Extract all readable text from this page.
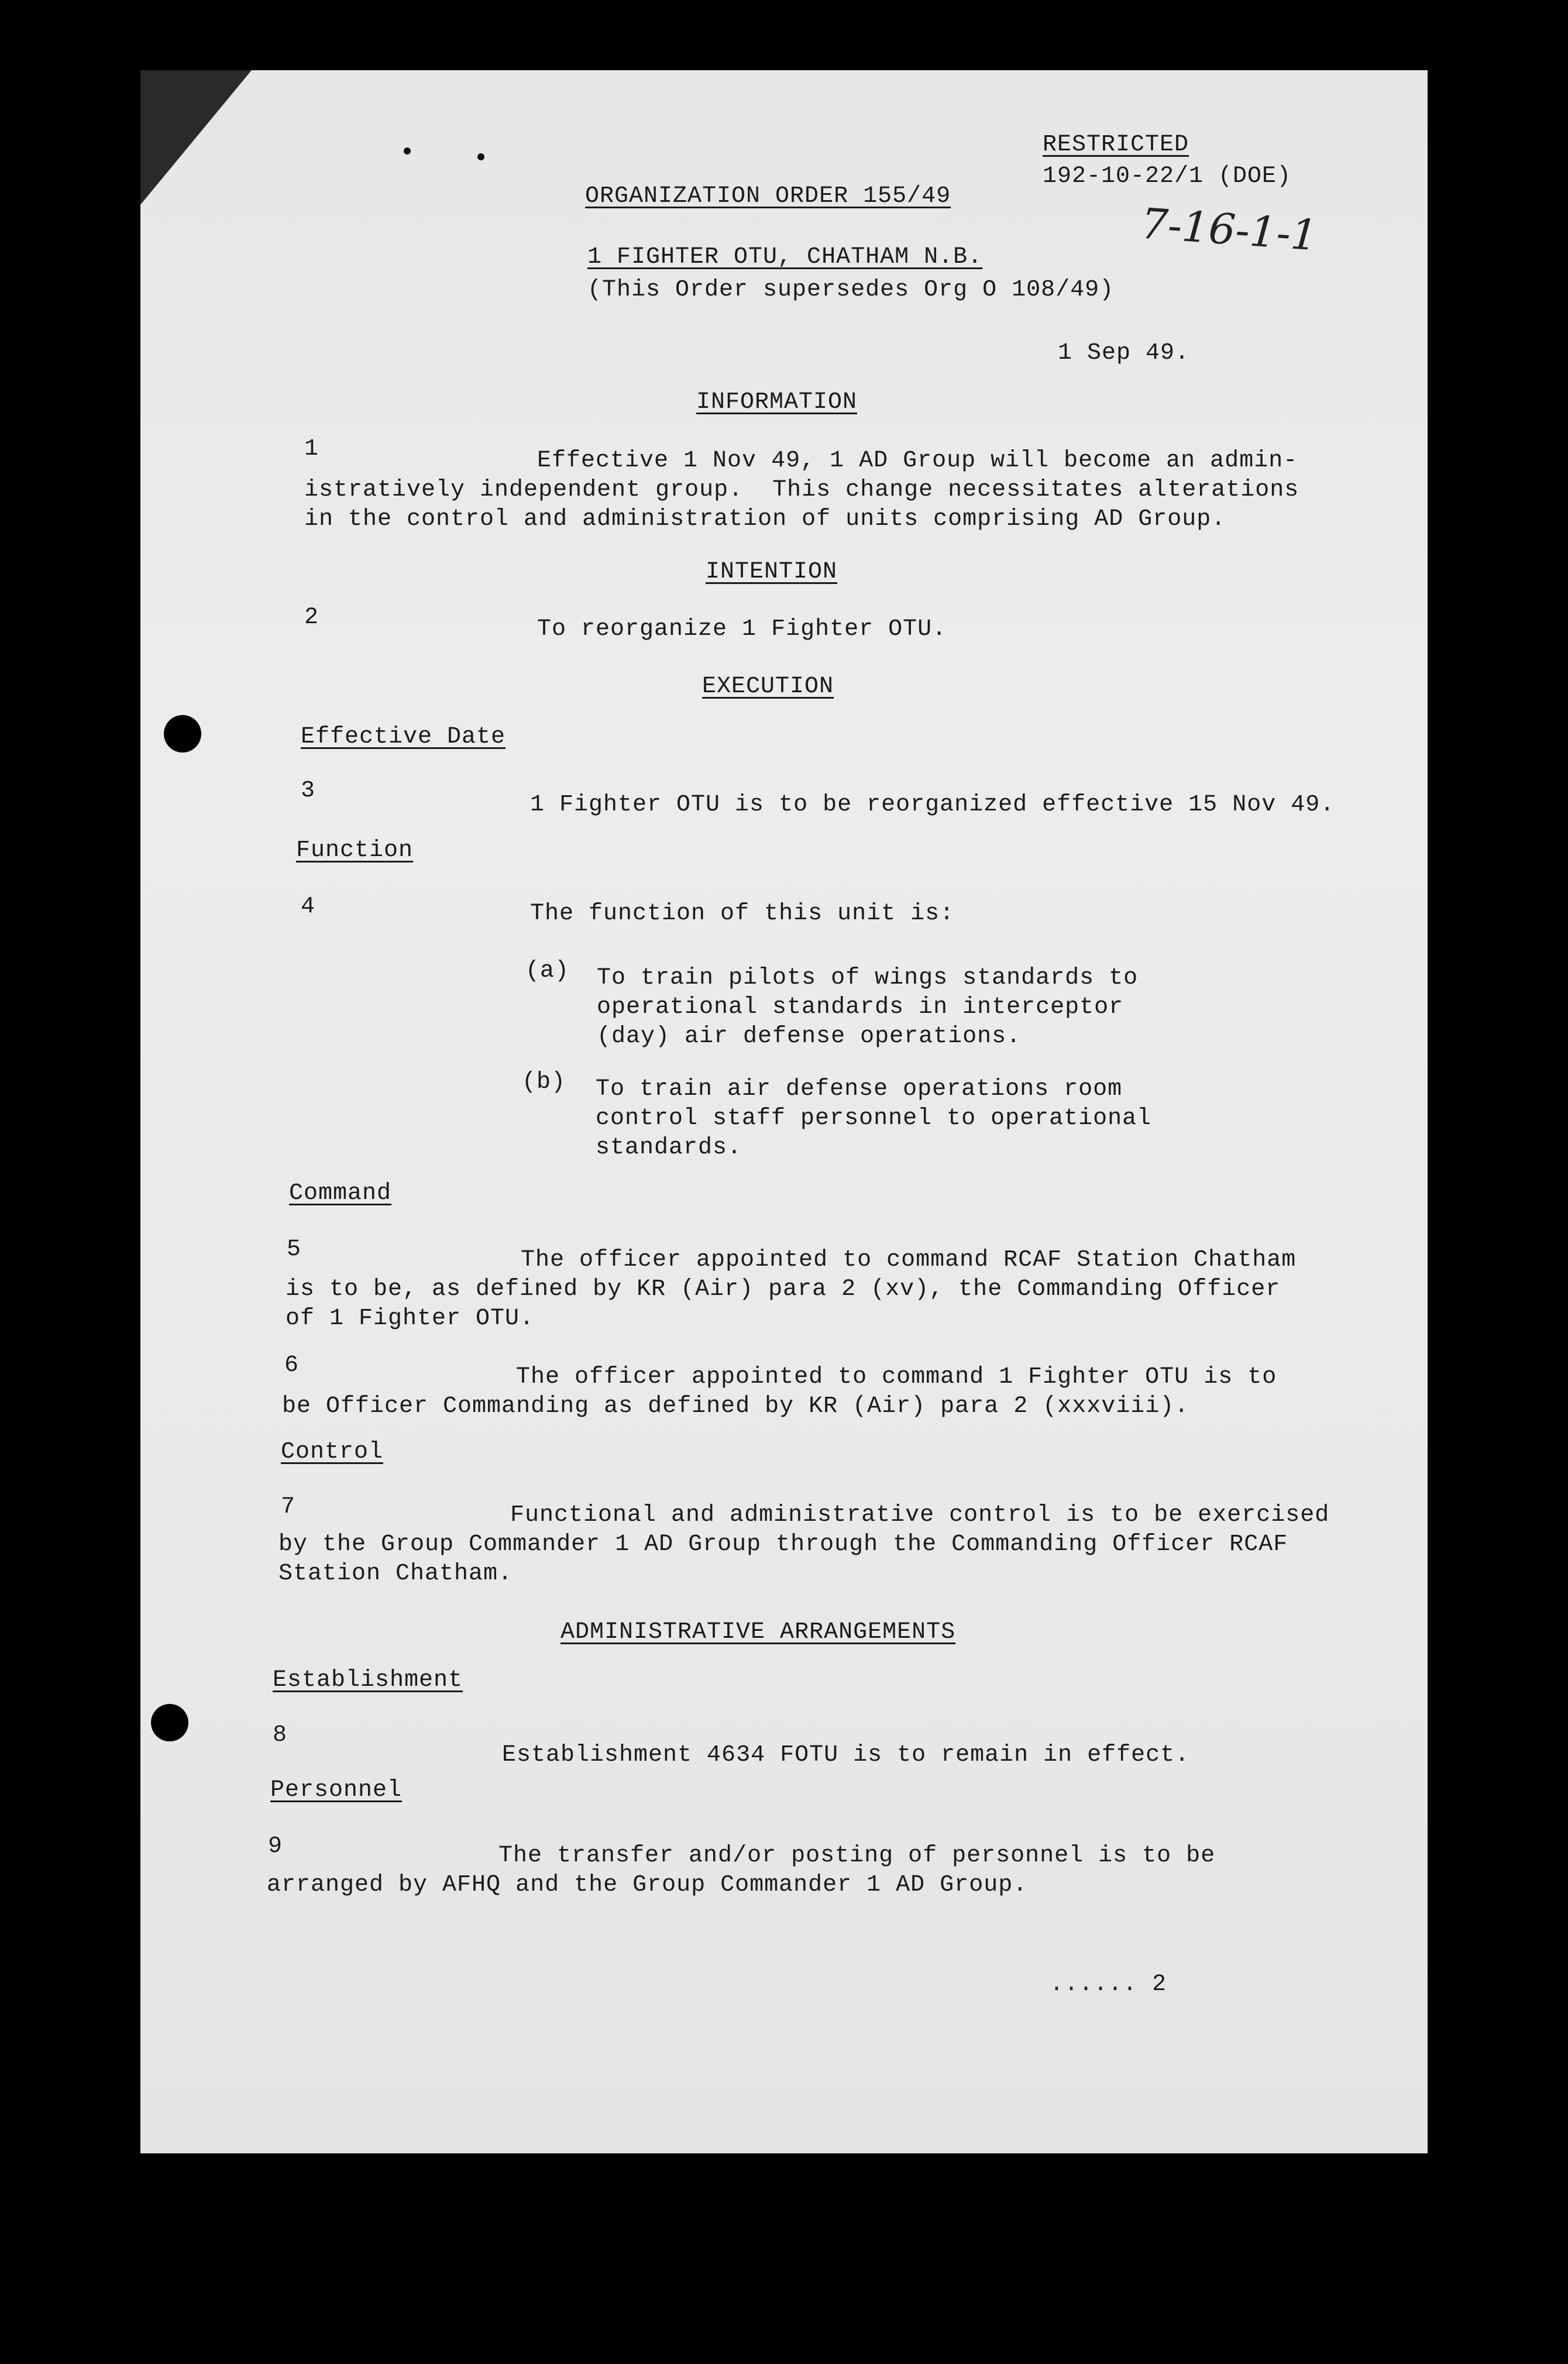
RESTRICTED
192-10-22/1 (DOE)
7-16-1-1
ORGANIZATION ORDER 155/49
1 FIGHTER OTU, CHATHAM N.B.
(This Order supersedes Org O 108/49)
1 Sep 49.
INFORMATION
1	Effective 1 Nov 49, 1 AD Group will become an admin-
istratively independent group.  This change necessitates alterations
in the control and administration of units comprising AD Group.
INTENTION
2	To reorganize 1 Fighter OTU.
EXECUTION
Effective Date
3
1 Fighter OTU is to be reorganized effective 15 Nov 49.
Function
4	The function of this unit is:
(a) To train pilots of wings standards to
operational standards in interceptor
(day) air defense operations.
(b) To train air defense operations room
control staff personnel to operational
standards.
Command
5	The officer appointed to command RCAF Station Chatham
is to be, as defined by KR (Air) para 2 (xv), the Commanding Officer
of 1 Fighter OTU.
6	The officer appointed to command 1 Fighter OTU is to
be Officer Commanding as defined by KR (Air) para 2 (xxxviii).
Control
7	Functional and administrative control is to be exercised
by the Group Commander 1 AD Group through the Commanding Officer RCAF
Station Chatham.
ADMINISTRATIVE ARRANGEMENTS
Establishment
8
Establishment 4634 FOTU is to remain in effect.
Personnel
9	The transfer and/or posting of personnel is to be
arranged by AFHQ and the Group Commander 1 AD Group.
...... 2
